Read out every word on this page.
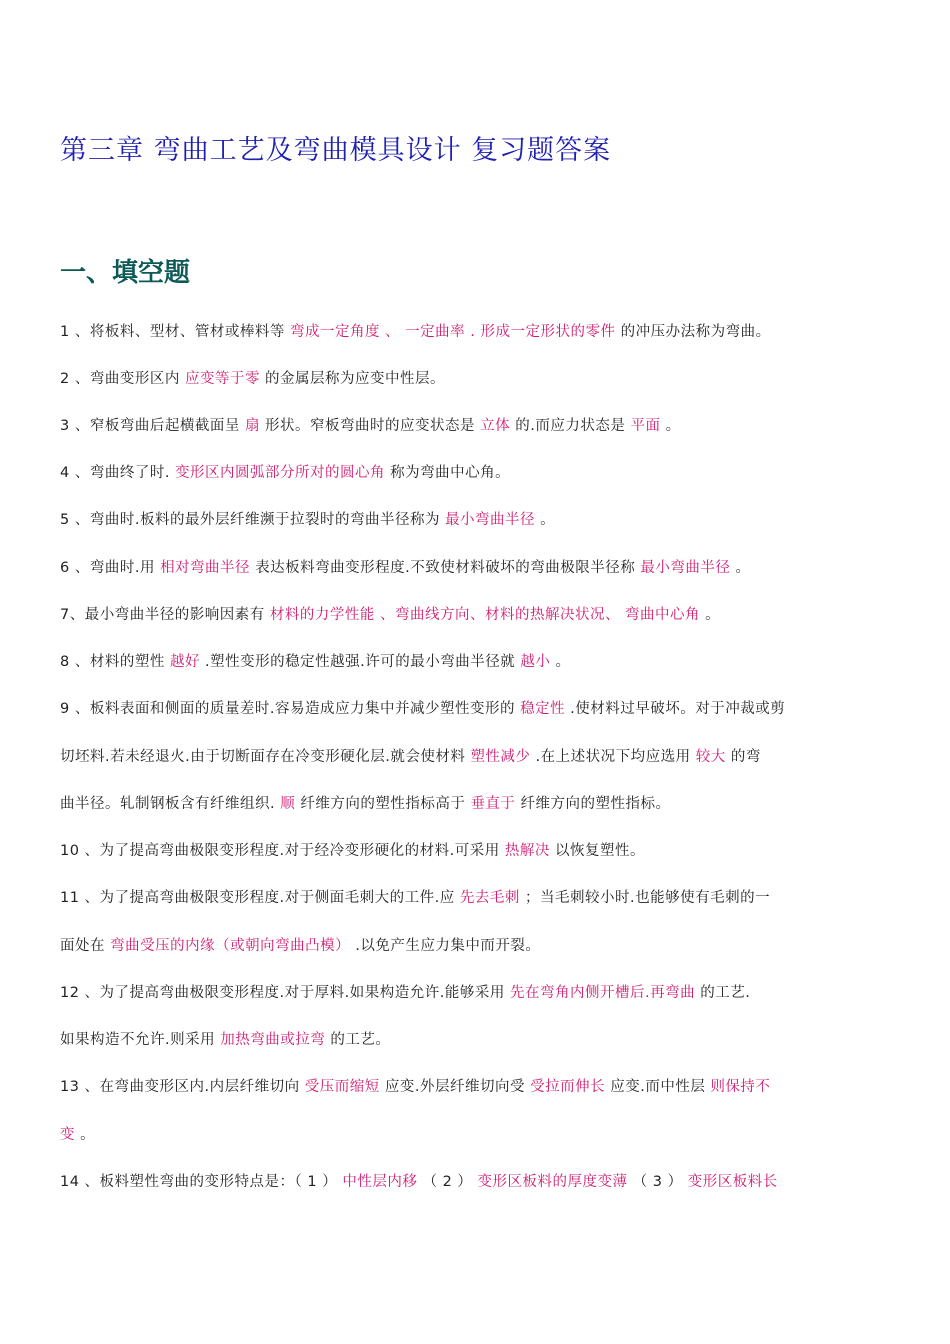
第三章 弯曲工艺及弯曲模具设计 复习题答案
一、填空题
1 、将板料、型材、管材或棒料等 弯成一定角度 、 一定曲率 . 形成一定形状的零件 的冲压办法称为弯曲。
2 、弯曲变形区内 应变等于零 的金属层称为应变中性层。
3 、窄板弯曲后起横截面呈 扇 形状。窄板弯曲时的应变状态是 立体 的.而应力状态是 平面 。
4 、弯曲终了时. 变形区内圆弧部分所对的圆心角 称为弯曲中心角。
5 、弯曲时.板料的最外层纤维濒于拉裂时的弯曲半径称为 最小弯曲半径 。
6 、弯曲时.用 相对弯曲半径 表达板料弯曲变形程度.不致使材料破坏的弯曲极限半径称 最小弯曲半径 。
7、最小弯曲半径的影响因素有 材料的力学性能 、弯曲线方向、材料的热解决状况、 弯曲中心角 。
8 、材料的塑性 越好 .塑性变形的稳定性越强.许可的最小弯曲半径就 越小 。
9 、板料表面和侧面的质量差时.容易造成应力集中并减少塑性变形的 稳定性 .使材料过早破坏。对于冲裁或剪
切坯料.若未经退火.由于切断面存在冷变形硬化层.就会使材料 塑性减少 .在上述状况下均应选用 较大 的弯
曲半径。轧制钢板含有纤维组织. 顺 纤维方向的塑性指标高于 垂直于 纤维方向的塑性指标。
10 、为了提高弯曲极限变形程度.对于经冷变形硬化的材料.可采用 热解决 以恢复塑性。
11 、为了提高弯曲极限变形程度.对于侧面毛刺大的工件.应 先去毛刺 ；当毛刺较小时.也能够使有毛刺的一
面处在 弯曲受压的内缘（或朝向弯曲凸模） .以免产生应力集中而开裂。
12 、为了提高弯曲极限变形程度.对于厚料.如果构造允许.能够采用 先在弯角内侧开槽后.再弯曲 的工艺.
如果构造不允许.则采用 加热弯曲或拉弯 的工艺。
13 、在弯曲变形区内.内层纤维切向 受压而缩短 应变.外层纤维切向受 受拉而伸长 应变.而中性层 则保持不
变 。
14 、板料塑性弯曲的变形特点是：（ 1 ） 中性层内移 （ 2 ） 变形区板料的厚度变薄 （ 3 ） 变形区板料长
